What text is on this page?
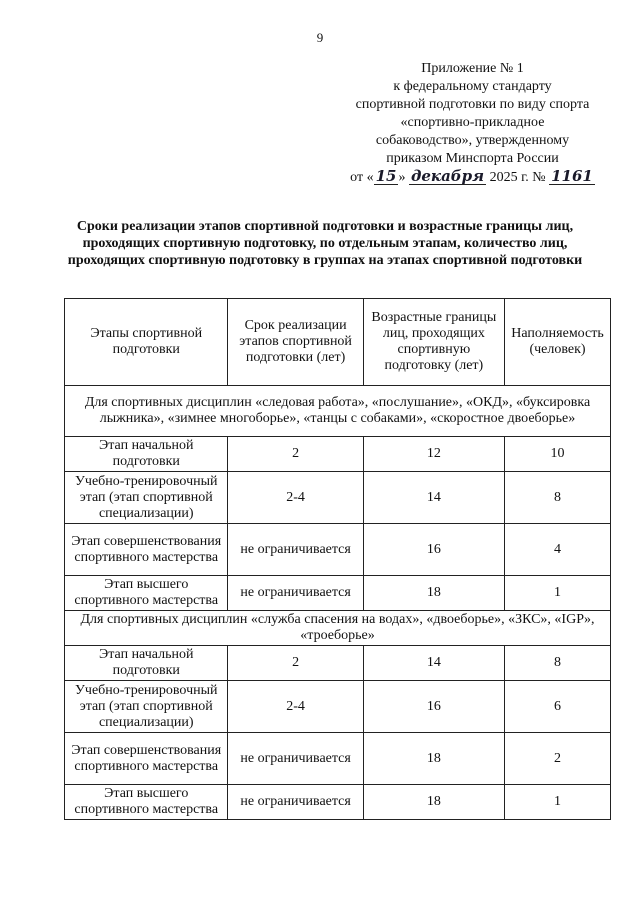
9
Приложение № 1
к федеральному стандарту
спортивной подготовки по виду спорта
«спортивно-прикладное
собаководство», утвержденному
приказом Минспорта России
от « 15 » декабря 2025 г. № 1161
Сроки реализации этапов спортивной подготовки и возрастные границы лиц, проходящих спортивную подготовку, по отдельным этапам, количество лиц, проходящих спортивную подготовку в группах на этапах спортивной подготовки
Этапы спортивной подготовки	Срок реализации этапов спортивной подготовки (лет)	Возрастные границы лиц, проходящих спортивную подготовку (лет)	Наполняемость (человек)
Для спортивных дисциплин «следовая работа», «послушание», «ОКД», «буксировка лыжника», «зимнее многоборье», «танцы с собаками», «скоростное двоеборье»			
Этап начальной подготовки	2	12	10
Учебно-тренировочный этап (этап спортивной специализации)	2-4	14	8
Этап совершенствования спортивного мастерства	не ограничивается	16	4
Этап высшего спортивного мастерства	не ограничивается	18	1
Для спортивных дисциплин «служба спасения на водах», «двоеборье», «ЗКС», «IGP», «троеборье»			
Этап начальной подготовки	2	14	8
Учебно-тренировочный этап (этап спортивной специализации)	2-4	16	6
Этап совершенствования спортивного мастерства	не ограничивается	18	2
Этап высшего спортивного мастерства	не ограничивается	18	1
